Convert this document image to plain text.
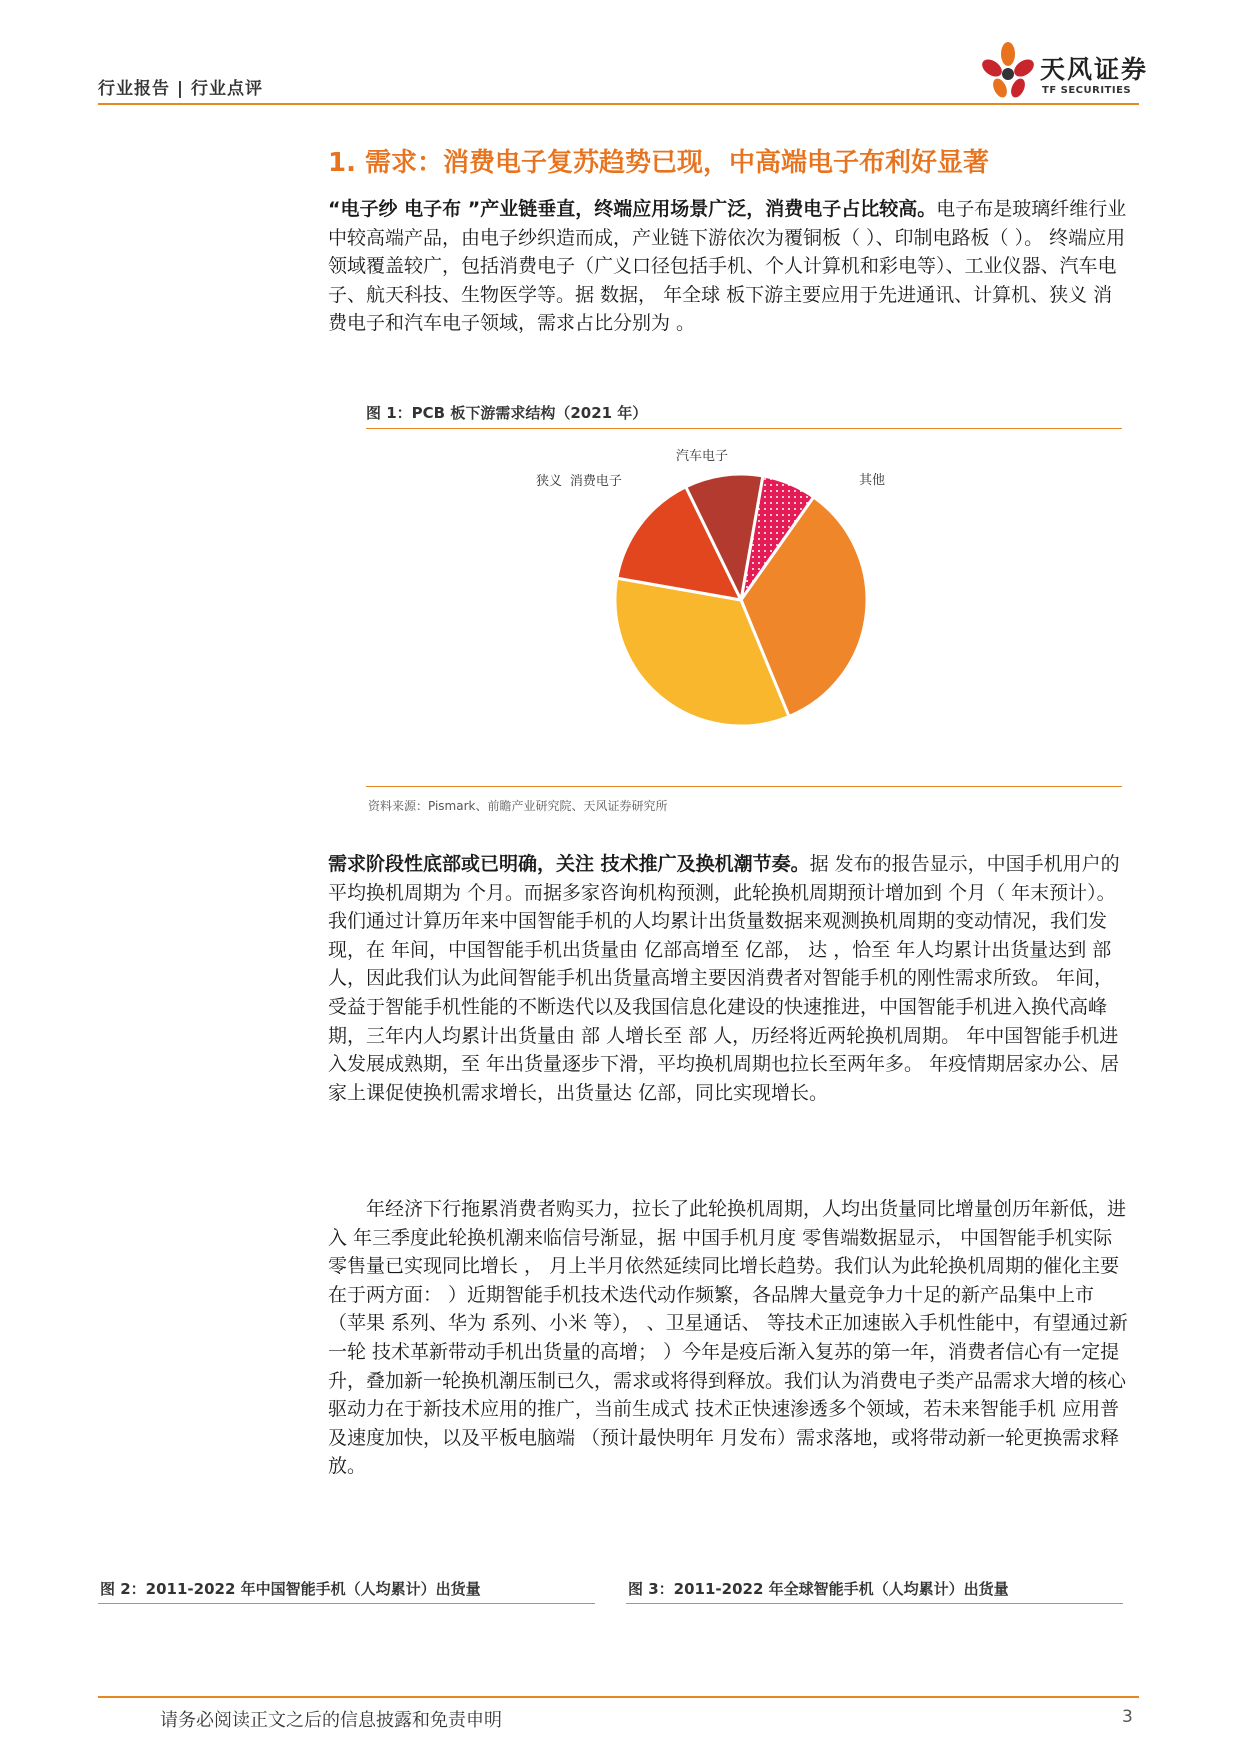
行业报告 | 行业点评
天风证券
TF SECURITIES
1. 需求：消费电子复苏趋势已现，中高端电子布利好显著
“电子纱 电子布 ”产业链垂直，终端应用场景广泛，消费电子占比较高。电子布是玻璃纤维行业中较高端产品，由电子纱织造而成，产业链下游依次为覆铜板（ ）、印制电路板（ ）。 终端应用领域覆盖较广，包括消费电子（广义口径包括手机、个人计算机和彩电等）、工业仪器、汽车电子、航天科技、生物医学等。据 数据， 年全球 板下游主要应用于先进通讯、计算机、狭义 消费电子和汽车电子领域，需求占比分别为 。
图 1：PCB 板下游需求结构（2021 年）
其他
狭义 消费电子
汽车电子
资料来源：Pismark、前瞻产业研究院、天风证券研究所
需求阶段性底部或已明确，关注 技术推广及换机潮节奏。据 发布的报告显示，中国手机用户的平均换机周期为 个月。而据多家咨询机构预测，此轮换机周期预计增加到 个月（ 年末预计）。我们通过计算历年来中国智能手机的人均累计出货量数据来观测换机周期的变动情况，我们发现，在 年间，中国智能手机出货量由 亿部高增至 亿部， 达 ，恰至 年人均累计出货量达到 部 人，因此我们认为此间智能手机出货量高增主要因消费者对智能手机的刚性需求所致。 年间，受益于智能手机性能的不断迭代以及我国信息化建设的快速推进，中国智能手机进入换代高峰期，三年内人均累计出货量由 部 人增长至 部 人，历经将近两轮换机周期。 年中国智能手机进入发展成熟期，至 年出货量逐步下滑，平均换机周期也拉长至两年多。 年疫情期居家办公、居家上课促使换机需求增长，出货量达 亿部，同比实现增长。
年经济下行拖累消费者购买力，拉长了此轮换机周期，人均出货量同比增量创历年新低，进入 年三季度此轮换机潮来临信号渐显，据 中国手机月度 零售端数据显示， 中国智能手机实际零售量已实现同比增长 ， 月上半月依然延续同比增长趋势。我们认为此轮换机周期的催化主要在于两方面： ）近期智能手机技术迭代动作频繁，各品牌大量竞争力十足的新产品集中上市（苹果 系列、华为 系列、小米 等）， 、卫星通话、 等技术正加速嵌入手机性能中，有望通过新一轮 技术革新带动手机出货量的高增； ）今年是疫后渐入复苏的第一年，消费者信心有一定提升，叠加新一轮换机潮压制已久，需求或将得到释放。我们认为消费电子类产品需求大增的核心驱动力在于新技术应用的推广，当前生成式 技术正快速渗透多个领域，若未来智能手机 应用普及速度加快，以及平板电脑端 （预计最快明年 月发布）需求落地，或将带动新一轮更换需求释放。
图 2：2011-2022 年中国智能手机（人均累计）出货量	图 3：2011-2022 年全球智能手机（人均累计）出货量
请务必阅读正文之后的信息披露和免责申明	3
